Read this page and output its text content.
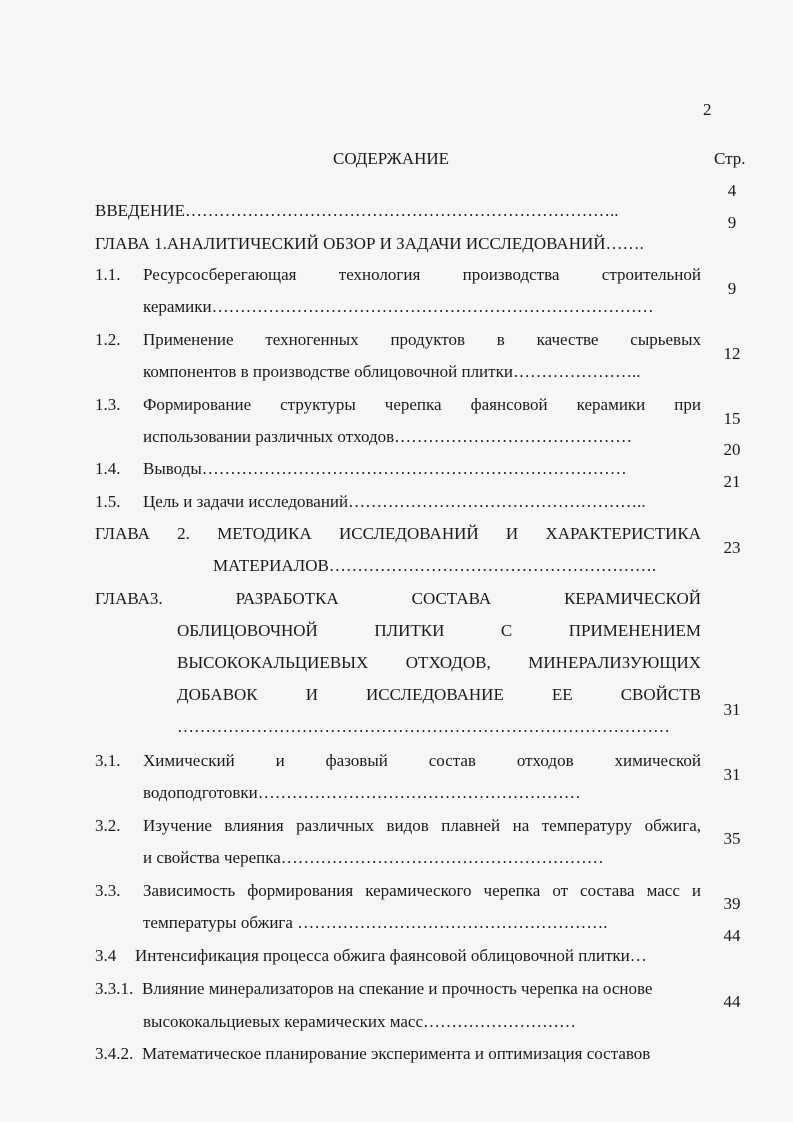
2
СОДЕРЖАНИЕ	Стр.
ВВЕДЕНИЕ…………………………………………………………………..
4
ГЛАВА 1.АНАЛИТИЧЕСКИЙ ОБЗОР И ЗАДАЧИ ИССЛЕДОВАНИЙ…….
9
1.1. Ресурсосберегающая технология производства строительной
керамики……………………………………………………………………
9
1.2. Применение техногенных продуктов в качестве сырьевых
компонентов в производстве облицовочной плитки…………………..
12
1.3. Формирование структуры черепка фаянсовой керамики при
использовании различных отходов……………………………………
15
1.4. Выводы…………………………………………………………………
20
1.5. Цель и задачи исследований……………………………………………..
21
ГЛАВА 2. МЕТОДИКА ИССЛЕДОВАНИЙ И ХАРАКТЕРИСТИКА
МАТЕРИАЛОВ………………………………………………….
23
ГЛАВА3. РАЗРАБОТКА СОСТАВА КЕРАМИЧЕСКОЙ
ОБЛИЦОВОЧНОЙ ПЛИТКИ С ПРИМЕНЕНИЕМ
ВЫСОКОКАЛЬЦИЕВЫХ ОТХОДОВ, МИНЕРАЛИЗУЮЩИХ
ДОБАВОК И ИССЛЕДОВАНИЕ ЕЕ СВОЙСТВ
……………………………………………………………………………
31
3.1. Химический и фазовый состав отходов химической
водоподготовки…………………………………………………
31
3.2. Изучение влияния различных видов плавней на температуру обжига,
и свойства черепка…………………………………………………
35
3.3. Зависимость формирования керамического черепка от состава масс и
температуры обжига ……………………………………………….
39
3.4 Интенсификация процесса обжига фаянсовой облицовочной плитки…
44
3.3.1. Влияние минерализаторов на спекание и прочность черепка на основе
высококальциевых керамических масс………………………
44
3.4.2. Математическое планирование эксперимента и оптимизация составов
